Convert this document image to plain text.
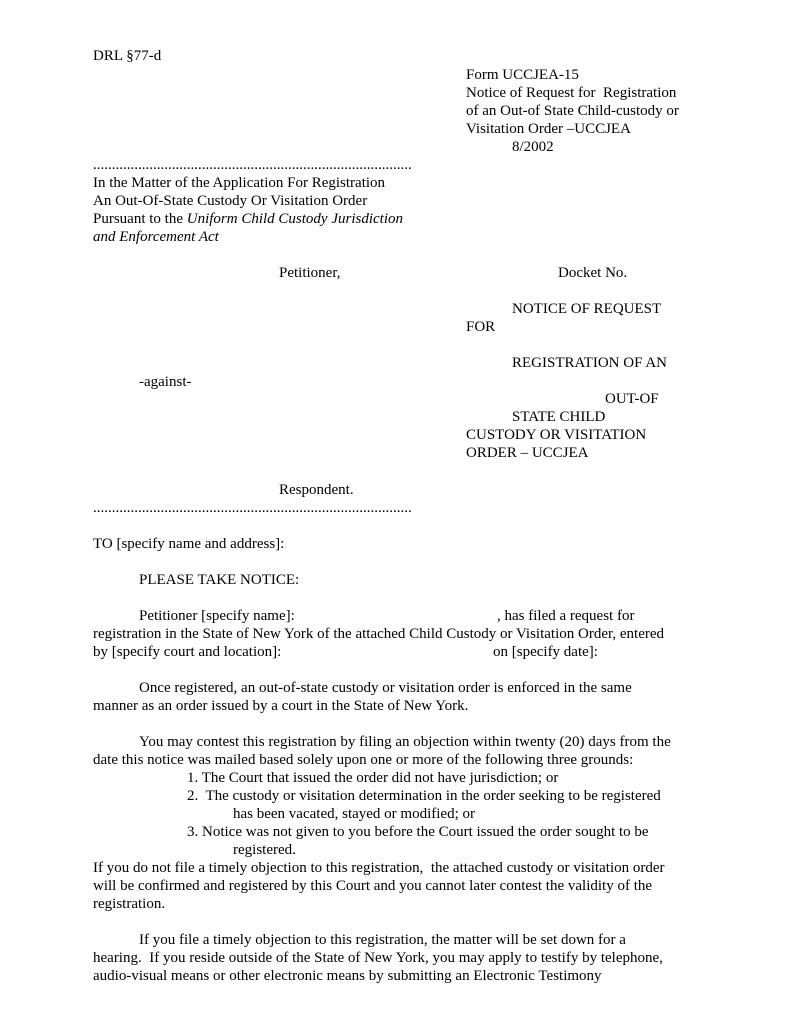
DRL §77-d
Form UCCJEA-15
Notice of Request for  Registration
of an Out-of State Child-custody or
Visitation Order –UCCJEA
8/2002
.....................................................................................
In the Matter of the Application For Registration
An Out-Of-State Custody Or Visitation Order
Pursuant to the Uniform Child Custody Jurisdiction
and Enforcement Act
Petitioner,	Docket No.
NOTICE OF REQUEST
FOR
REGISTRATION OF AN
-against-
OUT-OF
STATE CHILD
CUSTODY OR VISITATION
ORDER – UCCJEA
Respondent.
.....................................................................................
TO [specify name and address]:
PLEASE TAKE NOTICE:
Petitioner [specify name]:	, has filed a request for
registration in the State of New York of the attached Child Custody or Visitation Order, entered
by [specify court and location]:	on [specify date]:
Once registered, an out-of-state custody or visitation order is enforced in the same
manner as an order issued by a court in the State of New York.
You may contest this registration by filing an objection within twenty (20) days from the
date this notice was mailed based solely upon one or more of the following three grounds:
1. The Court that issued the order did not have jurisdiction; or
2.  The custody or visitation determination in the order seeking to be registered
has been vacated, stayed or modified; or
3. Notice was not given to you before the Court issued the order sought to be
registered.
If you do not file a timely objection to this registration,  the attached custody or visitation order
will be confirmed and registered by this Court and you cannot later contest the validity of the
registration.
If you file a timely objection to this registration, the matter will be set down for a
hearing.  If you reside outside of the State of New York, you may apply to testify by telephone,
audio-visual means or other electronic means by submitting an Electronic Testimony
